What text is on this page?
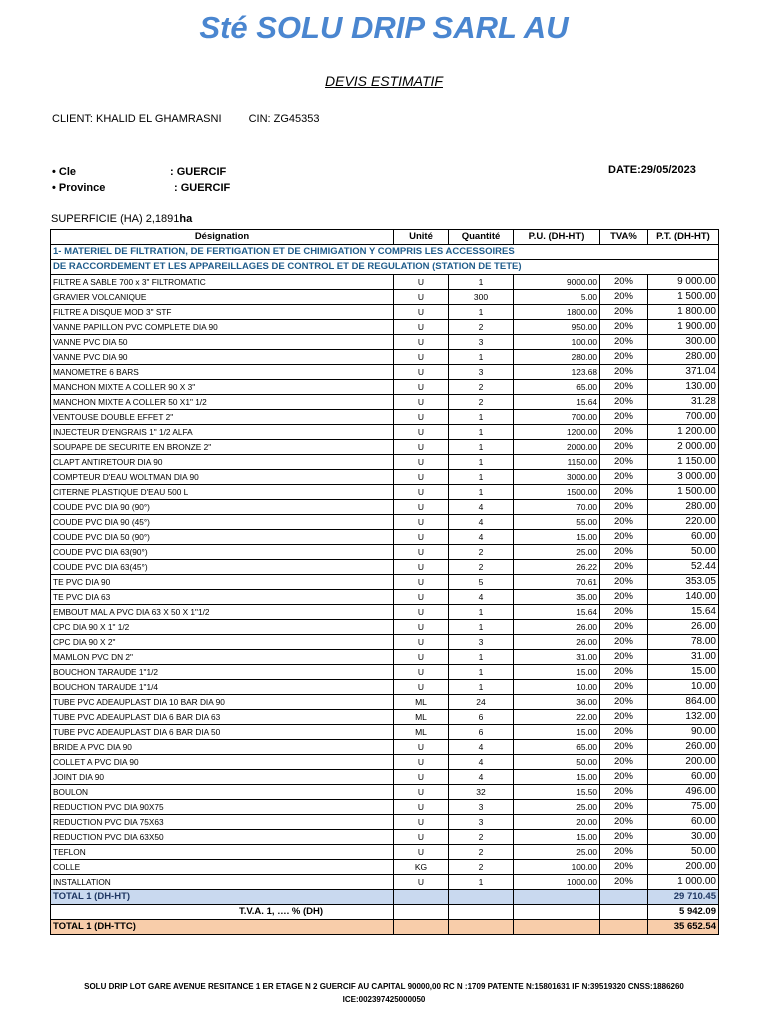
Sté SOLU DRIP SARL AU
DEVIS ESTIMATIF
CLIENT: KHALID EL GHAMRASNI CIN: ZG45353
• Cle	: GUERCIF
• Province	: GUERCIF
DATE:29/05/2023
SUPERFICIE (HA) 2,1891ha
Désignation	Unité	Quantité	P.U. (DH-HT)	TVA%	P.T. (DH-HT)
1- MATERIEL DE FILTRATION, DE FERTIGATION ET DE CHIMIGATION Y COMPRIS LES ACCESSOIRES					
DE RACCORDEMENT ET LES APPAREILLAGES DE CONTROL ET DE REGULATION (STATION DE TETE)					
FILTRE A SABLE 700 x 3" FILTROMATIC	U	1	9000.00	20%	9 000.00
GRAVIER VOLCANIQUE	U	300	5.00	20%	1 500.00
FILTRE A DISQUE MOD 3" STF	U	1	1800.00	20%	1 800.00
VANNE PAPILLON PVC COMPLETE DIA 90	U	2	950.00	20%	1 900.00
VANNE PVC DIA 50	U	3	100.00	20%	300.00
VANNE PVC DIA 90	U	1	280.00	20%	280.00
MANOMETRE 6 BARS	U	3	123.68	20%	371.04
MANCHON MIXTE A COLLER 90 X 3"	U	2	65.00	20%	130.00
MANCHON MIXTE A COLLER 50 X1" 1/2	U	2	15.64	20%	31.28
VENTOUSE DOUBLE EFFET 2"	U	1	700.00	20%	700.00
INJECTEUR D'ENGRAIS 1" 1/2 ALFA	U	1	1200.00	20%	1 200.00
SOUPAPE DE SECURITE EN BRONZE 2"	U	1	2000.00	20%	2 000.00
CLAPT ANTIRETOUR DIA 90	U	1	1150.00	20%	1 150.00
COMPTEUR D'EAU WOLTMAN DIA 90	U	1	3000.00	20%	3 000.00
CITERNE PLASTIQUE D'EAU 500 L	U	1	1500.00	20%	1 500.00
COUDE PVC DIA 90 (90°)	U	4	70.00	20%	280.00
COUDE PVC DIA 90 (45°)	U	4	55.00	20%	220.00
COUDE PVC DIA 50 (90°)	U	4	15.00	20%	60.00
COUDE PVC DIA 63(90°)	U	2	25.00	20%	50.00
COUDE PVC DIA 63(45°)	U	2	26.22	20%	52.44
TE PVC DIA 90	U	5	70.61	20%	353.05
TE PVC DIA 63	U	4	35.00	20%	140.00
EMBOUT MAL A PVC DIA 63 X 50 X 1"1/2	U	1	15.64	20%	15.64
CPC DIA 90 X 1" 1/2	U	1	26.00	20%	26.00
CPC DIA 90 X 2"	U	3	26.00	20%	78.00
MAMLON PVC DN 2"	U	1	31.00	20%	31.00
BOUCHON TARAUDE 1"1/2	U	1	15.00	20%	15.00
BOUCHON TARAUDE 1"1/4	U	1	10.00	20%	10.00
TUBE PVC ADEAUPLAST DIA 10 BAR DIA 90	ML	24	36.00	20%	864.00
TUBE PVC ADEAUPLAST DIA 6 BAR DIA 63	ML	6	22.00	20%	132.00
TUBE PVC ADEAUPLAST DIA 6 BAR DIA 50	ML	6	15.00	20%	90.00
BRIDE A PVC DIA 90	U	4	65.00	20%	260.00
COLLET A PVC DIA 90	U	4	50.00	20%	200.00
JOINT DIA 90	U	4	15.00	20%	60.00
BOULON	U	32	15.50	20%	496.00
REDUCTION PVC DIA 90X75	U	3	25.00	20%	75.00
REDUCTION PVC DIA 75X63	U	3	20.00	20%	60.00
REDUCTION PVC DIA 63X50	U	2	15.00	20%	30.00
TEFLON	U	2	25.00	20%	50.00
COLLE	KG	2	100.00	20%	200.00
INSTALLATION	U	1	1000.00	20%	1 000.00
TOTAL 1 (DH-HT)					29 710.45
T.V.A. 1, …. % (DH)					5 942.09
TOTAL 1 (DH-TTC)					35 652.54
SOLU DRIP LOT GARE AVENUE RESITANCE 1 ER ETAGE N 2 GUERCIF AU CAPITAL 90000,00 RC N :1709 PATENTE N:15801631 IF N:39519320 CNSS:1886260
ICE:002397425000050
